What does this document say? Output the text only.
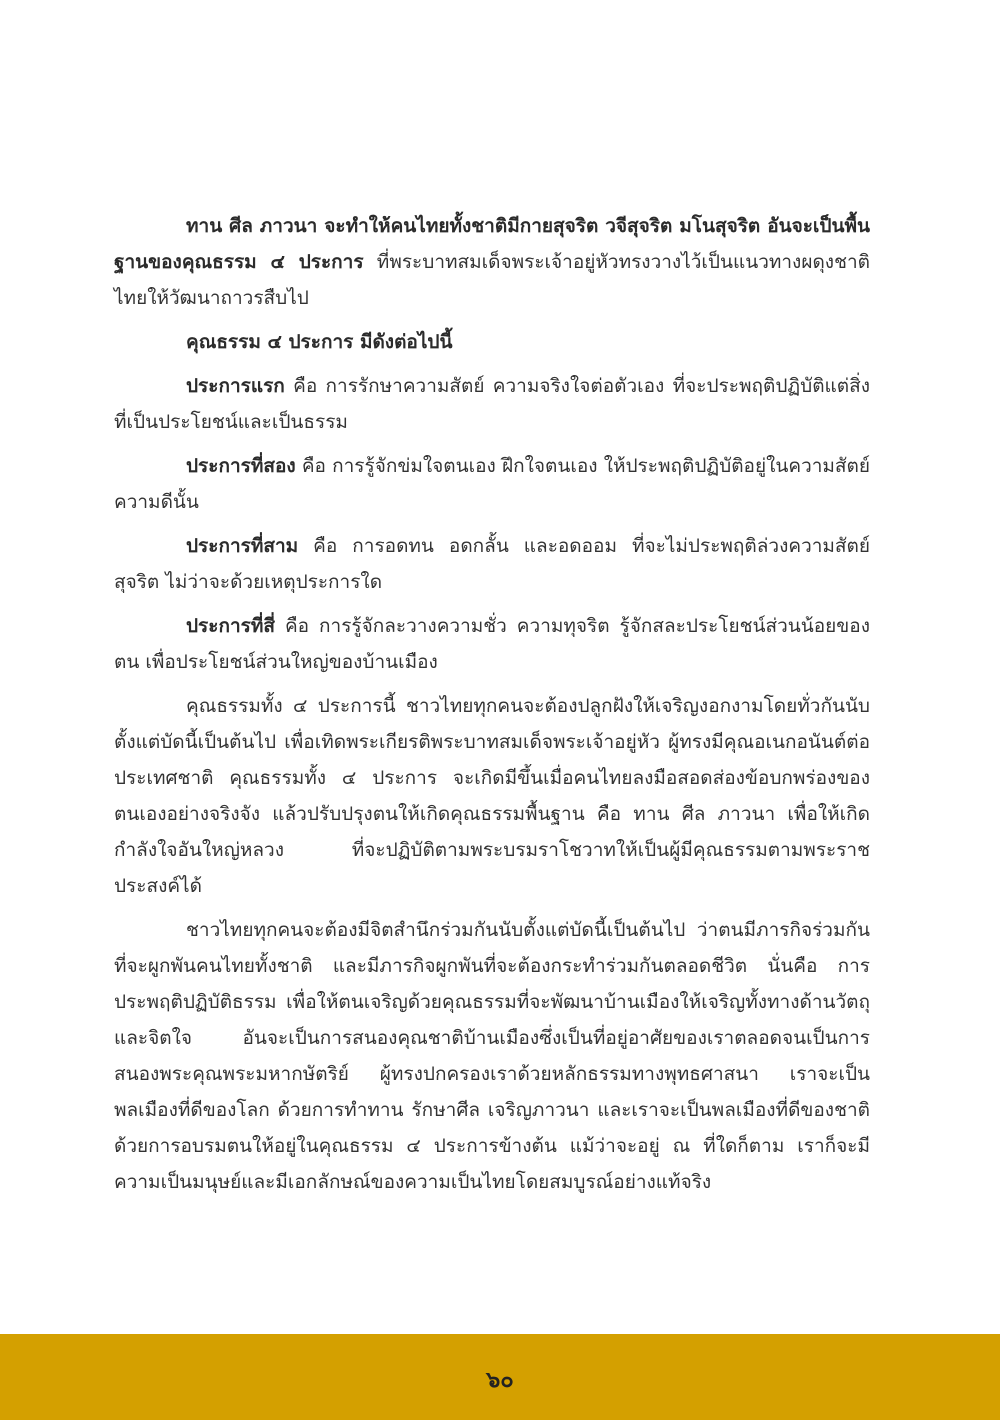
ทาน ศีล ภาวนา จะทำให้คนไทยทั้งชาติมีกายสุจริต วจีสุจริต มโนสุจริต อันจะเป็นพื้นฐานของคุณธรรม ๔ ประการ ที่พระบาทสมเด็จพระเจ้าอยู่หัวทรงวางไว้เป็นแนวทางผดุงชาติไทยให้วัฒนาถาวรสืบไป

คุณธรรม ๔ ประการ มีดังต่อไปนี้

ประการแรก คือ การรักษาความสัตย์ ความจริงใจต่อตัวเอง ที่จะประพฤติปฏิบัติแต่สิ่งที่เป็นประโยชน์และเป็นธรรม

ประการที่สอง คือ การรู้จักข่มใจตนเอง ฝึกใจตนเอง ให้ประพฤติปฏิบัติอยู่ในความสัตย์ ความดีนั้น

ประการที่สาม คือ การอดทน อดกลั้น และอดออม ที่จะไม่ประพฤติล่วงความสัตย์สุจริต ไม่ว่าจะด้วยเหตุประการใด

ประการที่สี่ คือ การรู้จักละวางความชั่ว ความทุจริต รู้จักสละประโยชน์ส่วนน้อยของตน เพื่อประโยชน์ส่วนใหญ่ของบ้านเมือง

คุณธรรมทั้ง ๔ ประการนี้ ชาวไทยทุกคนจะต้องปลูกฝังให้เจริญงอกงามโดยทั่วกันนับตั้งแต่บัดนี้เป็นต้นไป เพื่อเทิดพระเกียรติพระบาทสมเด็จพระเจ้าอยู่หัว ผู้ทรงมีคุณอเนกอนันต์ต่อประเทศชาติ คุณธรรมทั้ง ๔ ประการ จะเกิดมีขึ้นเมื่อคนไทยลงมือสอดส่องข้อบกพร่องของตนเองอย่างจริงจัง แล้วปรับปรุงตนให้เกิดคุณธรรมพื้นฐาน คือ ทาน ศีล ภาวนา เพื่อให้เกิดกำลังใจอันใหญ่หลวง ที่จะปฏิบัติตามพระบรมราโชวาทให้เป็นผู้มีคุณธรรมตามพระราชประสงค์ได้

ชาวไทยทุกคนจะต้องมีจิตสำนึกร่วมกันนับตั้งแต่บัดนี้เป็นต้นไป ว่าตนมีภารกิจร่วมกันที่จะผูกพันคนไทยทั้งชาติ และมีภารกิจผูกพันที่จะต้องกระทำร่วมกันตลอดชีวิต นั่นคือ การประพฤติปฏิบัติธรรม เพื่อให้ตนเจริญด้วยคุณธรรมที่จะพัฒนาบ้านเมืองให้เจริญทั้งทางด้านวัตถุและจิตใจ อันจะเป็นการสนองคุณชาติบ้านเมืองซึ่งเป็นที่อยู่อาศัยของเราตลอดจนเป็นการสนองพระคุณพระมหากษัตริย์ ผู้ทรงปกครองเราด้วยหลักธรรมทางพุทธศาสนา เราจะเป็นพลเมืองที่ดีของโลก ด้วยการทำทาน รักษาศีล เจริญภาวนา และเราจะเป็นพลเมืองที่ดีของชาติ ด้วยการอบรมตนให้อยู่ในคุณธรรม ๔ ประการข้างต้น แม้ว่าจะอยู่ ณ ที่ใดก็ตาม เราก็จะมีความเป็นมนุษย์และมีเอกลักษณ์ของความเป็นไทยโดยสมบูรณ์อย่างแท้จริง

๖๐
